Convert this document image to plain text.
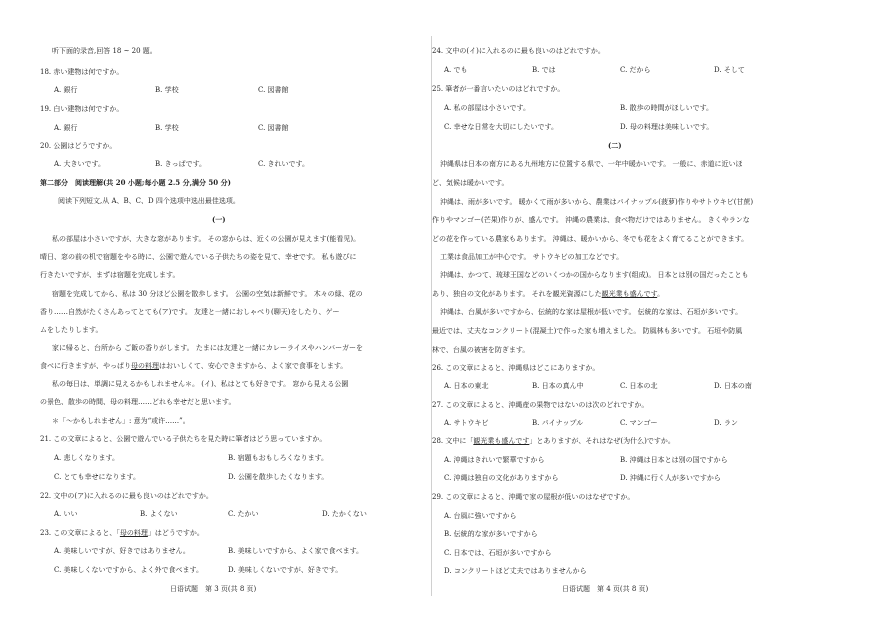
听下面的录音,回答 18 ~ 20 题。
18. 赤い建物は何ですか。
A. 銀行	B. 学校	C. 図書館
19. 白い建物は何ですか。
A. 銀行	B. 学校	C. 図書館
20. 公園はどうですか。
A. 大きいです。	B. きっぱです。	C. きれいです。
第二部分　阅读理解(共 20 小题;每小题 2.5 分,满分 50 分)
阅读下列短文,从 A、B、C、D 四个选项中选出最佳选项。
(一)
私の部屋は小さいですが、大きな窓があります。 その窓からは、近くの公園が見えます(能看见)。
晴日、窓の前の机で宿題をやる時に、公園で遊んでいる子供たちの姿を見て、幸せです。 私も遊びに
行きたいですが、まずは宿題を完成します。
宿題を完成してから、私は 30 分ほど公園を散歩します。 公園の空気は新鮮です。 木々の緑、花の
香り……自然がたくさんあってとても(ア)です。 友達と一緒におしゃべり(聊天)をしたり、ゲー
ムをしたりします。
家に帰ると、台所から ご飯の香りがします。 たまには友達と一緒にカレーライスやハンバーガーを
食べに行きますが、やっぱり母の料理はおいしくて、安心できますから、よく家で食事をします。
私の毎日は、単調に見えるかもしれません＊。 (イ)、私はとても好きです。 窓から見える公園
の景色、散歩の時間、母の料理……どれも幸せだと思います。
＊「～かもしれません」: 意为“或许……”。
21. この文章によると、公園で遊んでいる子供たちを見た時に筆者はどう思っていますか。
A. 悲しくなります。	B. 宿題もおもしろくなります。
C. とても幸せになります。	D. 公園を散歩したくなります。
22. 文中の(ア)に入れるのに最も良いのはどれですか。
A. いい	B. よくない	C. たかい	D. たかくない
23. この文章によると、「母の料理」はどうですか。
A. 美味しいですが、好きではありません。	B. 美味しいですから、よく家で食べます。
C. 美味しくないですから、よく外で食べます。	D. 美味しくないですが、好きです。
日语试题　第 3 页(共 8 页)
24. 文中の(イ)に入れるのに最も良いのはどれですか。
A. でも	B. では	C. だから	D. そして
25. 筆者が一番言いたいのはどれですか。
A. 私の部屋は小さいです。	B. 散歩の時間がほしいです。
C. 幸せな日常を大切にしたいです。	D. 母の料理は美味しいです。
(二)
沖縄県は日本の南方にある九州地方に位置する県で、一年中暖かいです。 一般に、赤道に近いほ
ど、気候は暖かいです。
沖縄は、雨が多いです。 暖かくて雨が多いから、農業はパイナップル(菠萝)作りやサトウキビ(甘蔗)
作りやマンゴー(芒果)作りが、盛んです。 沖縄の農業は、食べ物だけではありません。 きくやランな
どの花を作っている農家もあります。 沖縄は、暖かいから、冬でも花をよく育てることができます。
工業は食品加工が中心です。 サトウキビの加工などです。
沖縄は、かつて、琉球王国などのいくつかの国からなります(组成)。 日本とは別の国だったことも
あり、独自の文化があります。 それを観光資源にした観光業も盛んです。
沖縄は、台風が多いですから、伝統的な家は屋根が低いです。 伝統的な家は、石垣が多いです。
最近では、丈夫なコンクリート(混凝土)で作った家も増えました。 防風林も多いです。 石垣や防風
林で、台風の被害を防ぎます。
26. この文章によると、沖縄県はどこにありますか。
A. 日本の東北	B. 日本の真ん中	C. 日本の北	D. 日本の南
27. この文章によると、沖縄産の果物ではないのは次のどれですか。
A. サトウキビ	B. パイナップル	C. マンゴー	D. ラン
28. 文中に「観光業も盛んです」とありますが、それはなぜ(为什么)ですか。
A. 沖縄はきれいで繁華ですから	B. 沖縄は日本とは別の国ですから
C. 沖縄は独自の文化がありますから	D. 沖縄に行く人が多いですから
29. この文章によると、沖縄で家の屋根が低いのはなぜですか。
A. 台風に強いですから
B. 伝統的な家が多いですから
C. 日本では、石垣が多いですから
D. コンクリートほど丈夫ではありませんから
日语试题　第 4 页(共 8 页)
